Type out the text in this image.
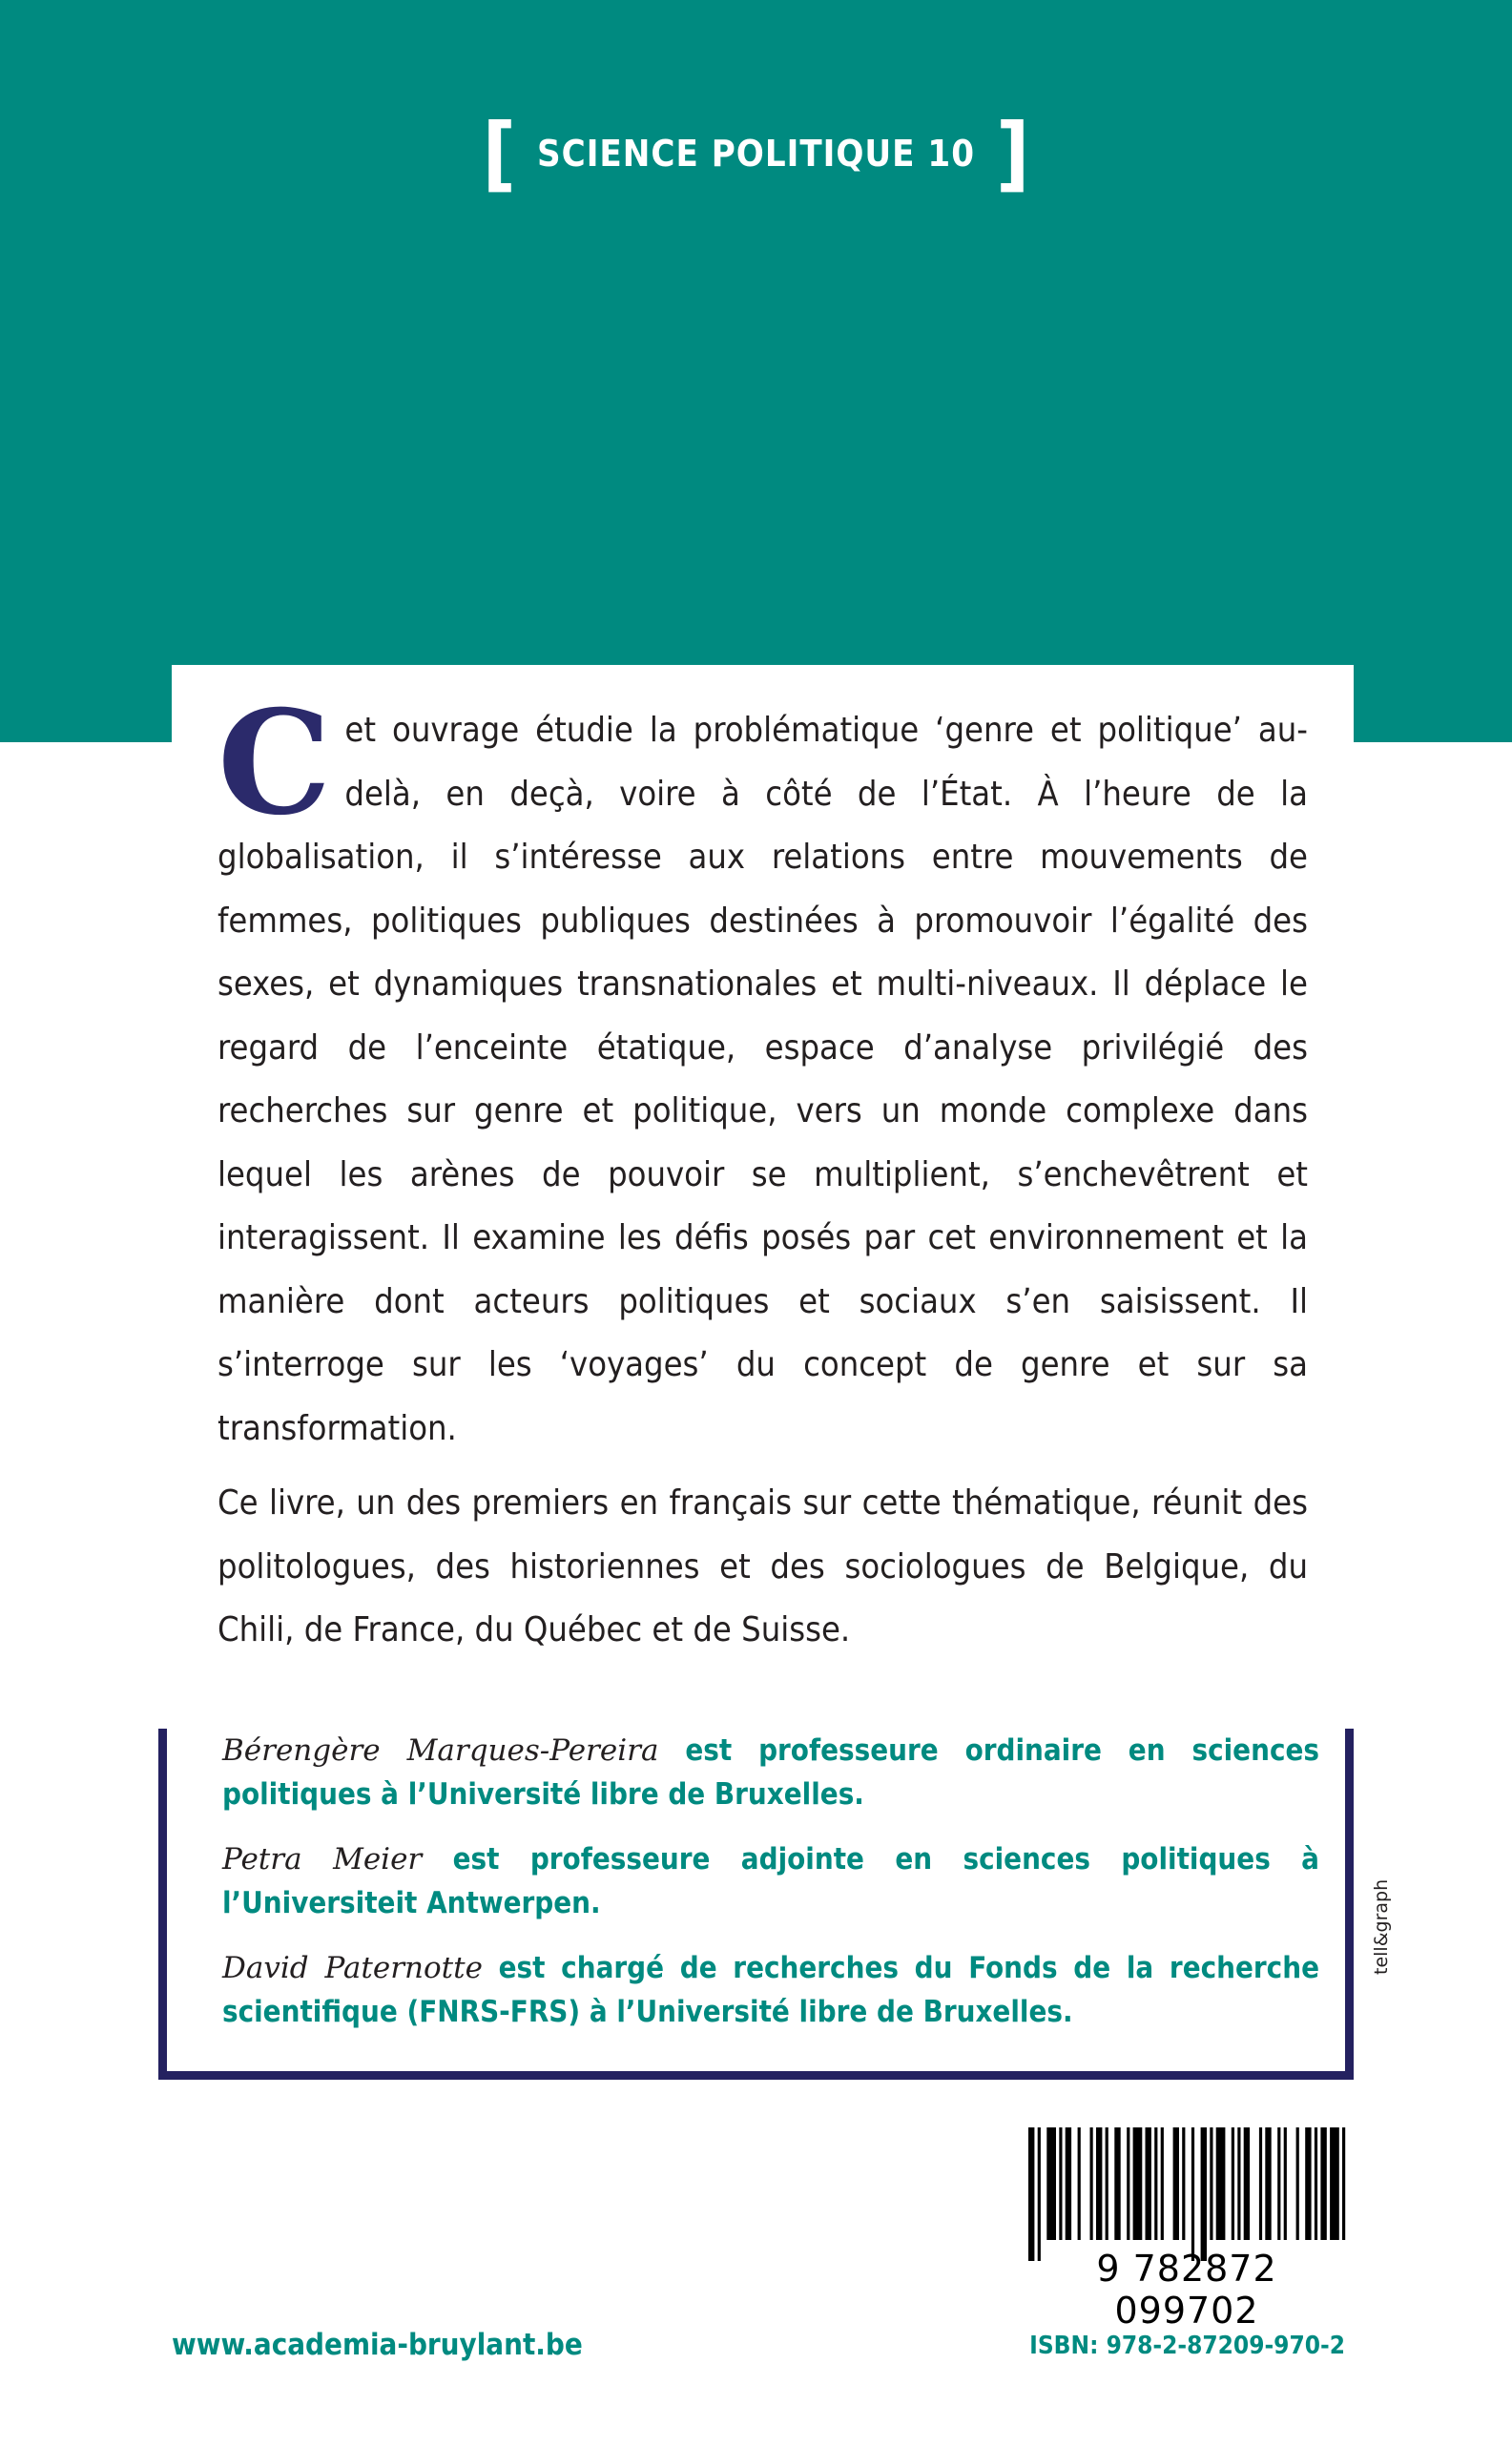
[ SCIENCE POLITIQUE 10 ]

Cet ouvrage étudie la problématique ‘genre et politique’ au-delà, en deçà, voire à côté de l’État. À l’heure de la globalisation, il s’intéresse aux relations entre mouvements de femmes, politiques publiques destinées à promouvoir l’égalité des sexes, et dynamiques transnationales et multi-niveaux. Il déplace le regard de l’enceinte étatique, espace d’analyse privilégié des recherches sur genre et politique, vers un monde complexe dans lequel les arènes de pouvoir se multiplient, s’enchevêtrent et interagissent. Il examine les défis posés par cet environnement et la manière dont acteurs politiques et sociaux s’en saisissent. Il s’interroge sur les ‘voyages’ du concept de genre et sur sa transformation.

Ce livre, un des premiers en français sur cette thématique, réunit des politologues, des historiennes et des sociologues de Belgique, du Chili, de France, du Québec et de Suisse.

Bérengère Marques-Pereira est professeure ordinaire en sciences politiques à l’Université libre de Bruxelles.

Petra Meier est professeure adjointe en sciences politiques à l’Universiteit Antwerpen.

David Paternotte est chargé de recherches du Fonds de la recherche scientifique (FNRS-FRS) à l’Université libre de Bruxelles.

tell&graph
9 782872 099702
www.academia-bruylant.be	ISBN: 978-2-87209-970-2
